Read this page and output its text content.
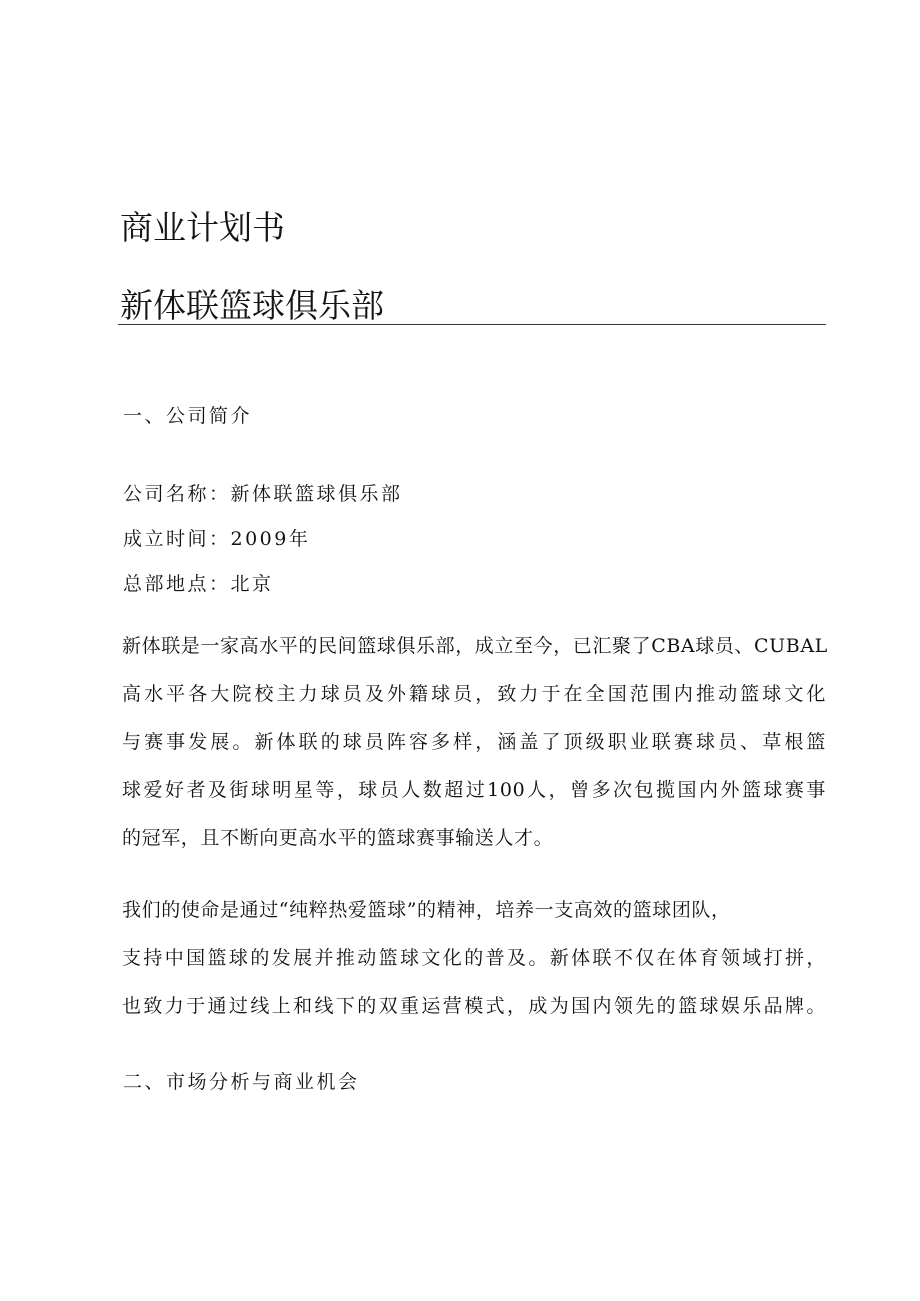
商业计划书
新体联篮球俱乐部
一、公司简介
公司名称：新体联篮球俱乐部
成立时间：2009年
总部地点：北京
新体联是一家高水平的民间篮球俱乐部，成立至今，已汇聚了CBA球员、CUBAL
高水平各大院校主力球员及外籍球员，致力于在全国范围内推动篮球文化
与赛事发展。新体联的球员阵容多样，涵盖了顶级职业联赛球员、草根篮
球爱好者及街球明星等，球员人数超过100人，曾多次包揽国内外篮球赛事
的冠军，且不断向更高水平的篮球赛事输送人才。
我们的使命是通过“纯粹热爱篮球”的精神，培养一支高效的篮球团队，
支持中国篮球的发展并推动篮球文化的普及。新体联不仅在体育领域打拼，
也致力于通过线上和线下的双重运营模式，成为国内领先的篮球娱乐品牌。
二、市场分析与商业机会
